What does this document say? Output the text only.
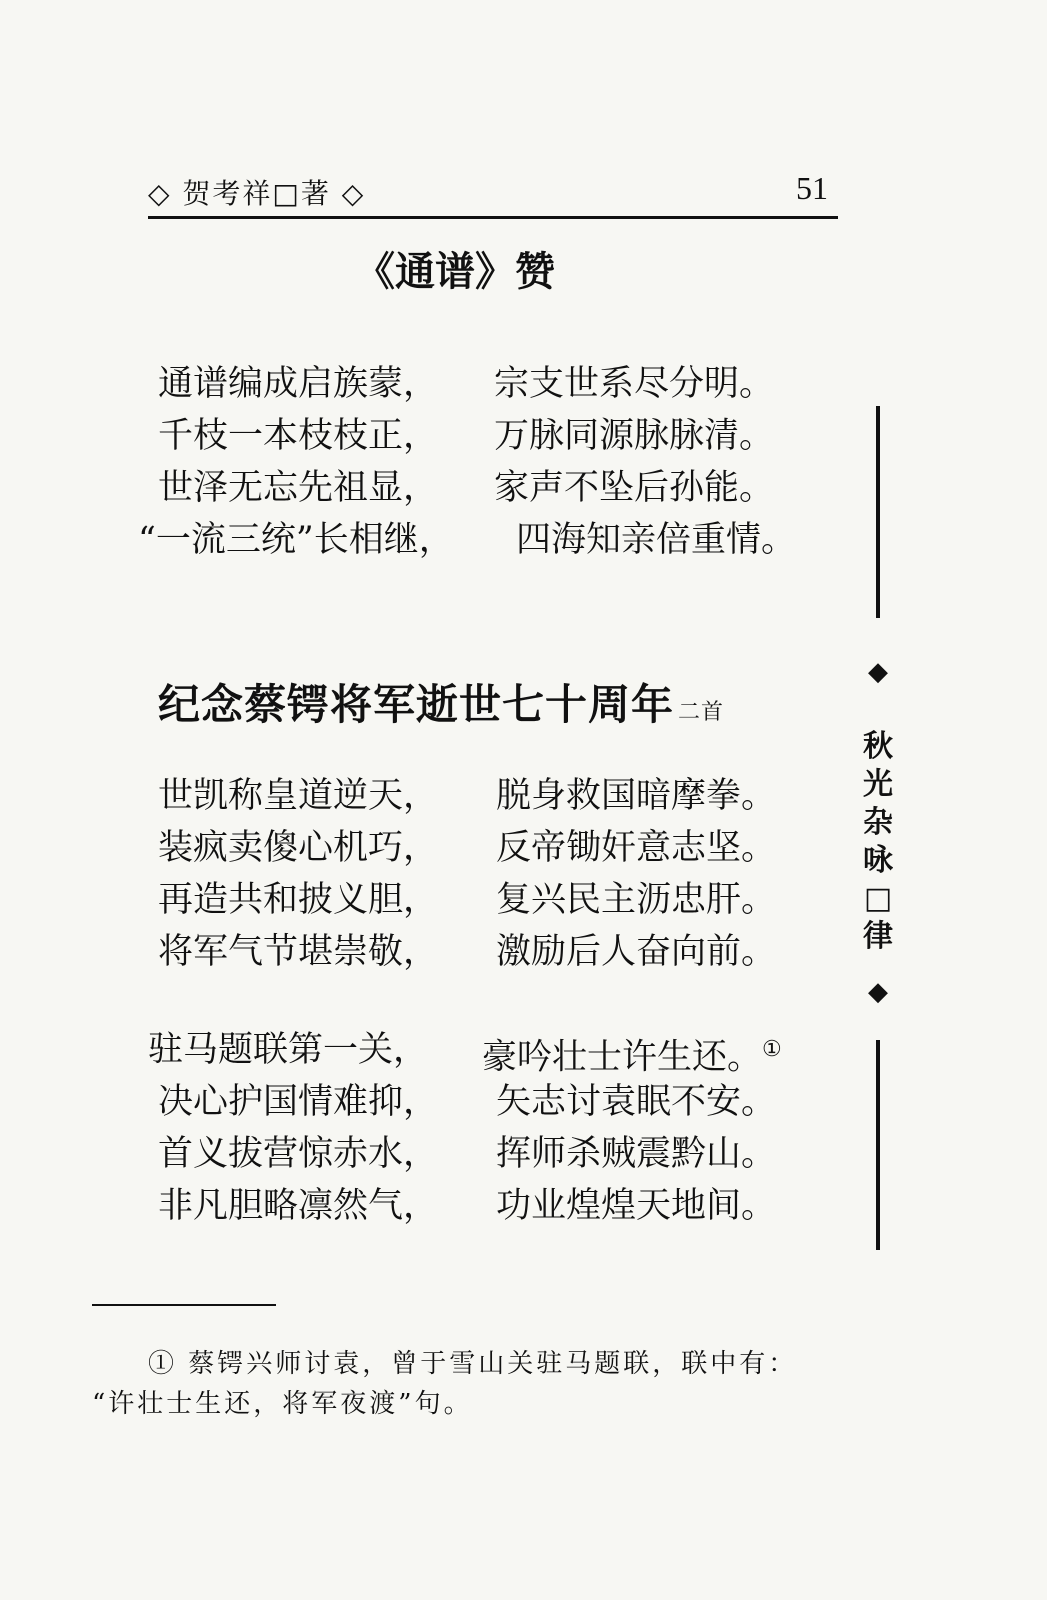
◇ 贺考祥□著 ◇	51
《通谱》赞
通谱编成启族蒙， 宗支世系尽分明。
千枝一本枝枝正， 万脉同源脉脉清。
世泽无忘先祖显， 家声不坠后孙能。
“一流三统”长相继， 四海知亲倍重情。
纪念蔡锷将军逝世七十周年 二首
世凯称皇道逆天， 脱身救国暗摩拳。
装疯卖傻心机巧， 反帝锄奸意志坚。
再造共和披义胆， 复兴民主沥忠肝。
将军气节堪崇敬， 激励后人奋向前。
驻马题联第一关， 豪吟壮士许生还。①
决心护国情难抑， 矢志讨袁眠不安。
首义拔营惊赤水， 挥师杀贼震黔山。
非凡胆略凛然气， 功业煌煌天地间。
◆
秋
光
杂
咏
□
律
◆
① 蔡锷兴师讨袁，曾于雪山关驻马题联，联中有：
“许壮士生还，将军夜渡”句。
